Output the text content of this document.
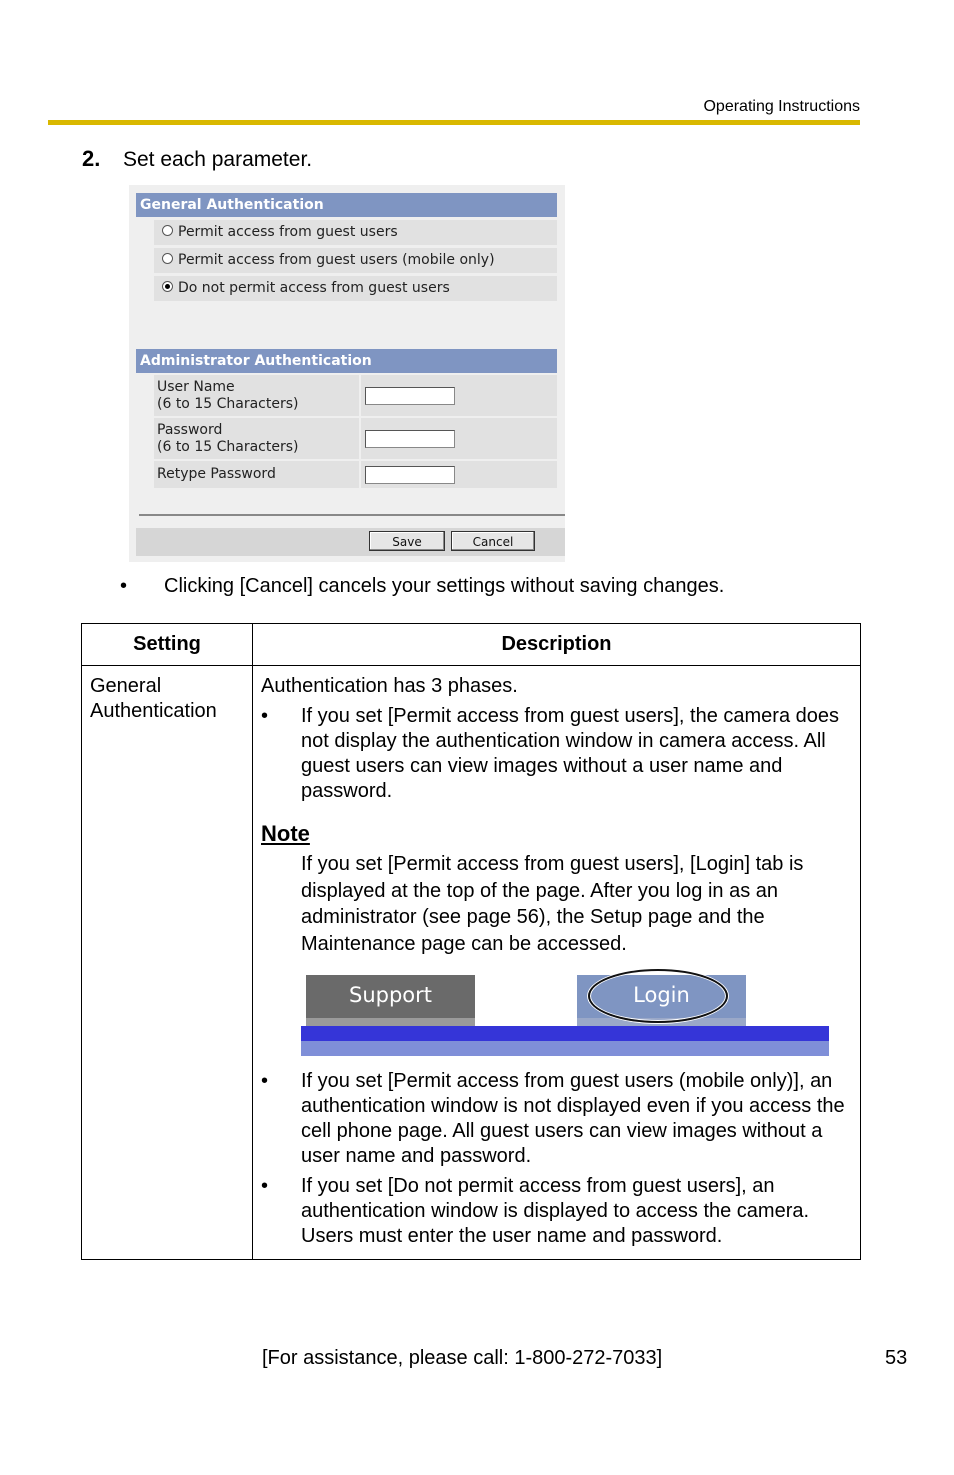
Operating Instructions
2.	Set each parameter.
General Authentication
Permit access from guest users
Permit access from guest users (mobile only)
Do not permit access from guest users
Administrator Authentication
User Name
(6 to 15 Characters)
Password
(6 to 15 Characters)
Retype Password
Save	Cancel
•	Clicking [Cancel] cancels your settings without saving changes.
Setting	Description
General Authentication

Authentication has 3 phases.

•	If you set [Permit access from guest users], the camera does not display the authentication window in camera access. All guest users can view images without a user name and password.
Note
If you set [Permit access from guest users], [Login] tab is displayed at the top of the page. After you log in as an administrator (see page 56), the Setup page and the Maintenance page can be accessed.
Support	Login
•	If you set [Permit access from guest users (mobile only)], an authentication window is not displayed even if you access the cell phone page. All guest users can view images without a user name and password.
•	If you set [Do not permit access from guest users], an authentication window is displayed to access the camera. Users must enter the user name and password.
[For assistance, please call: 1-800-272-7033]	53
